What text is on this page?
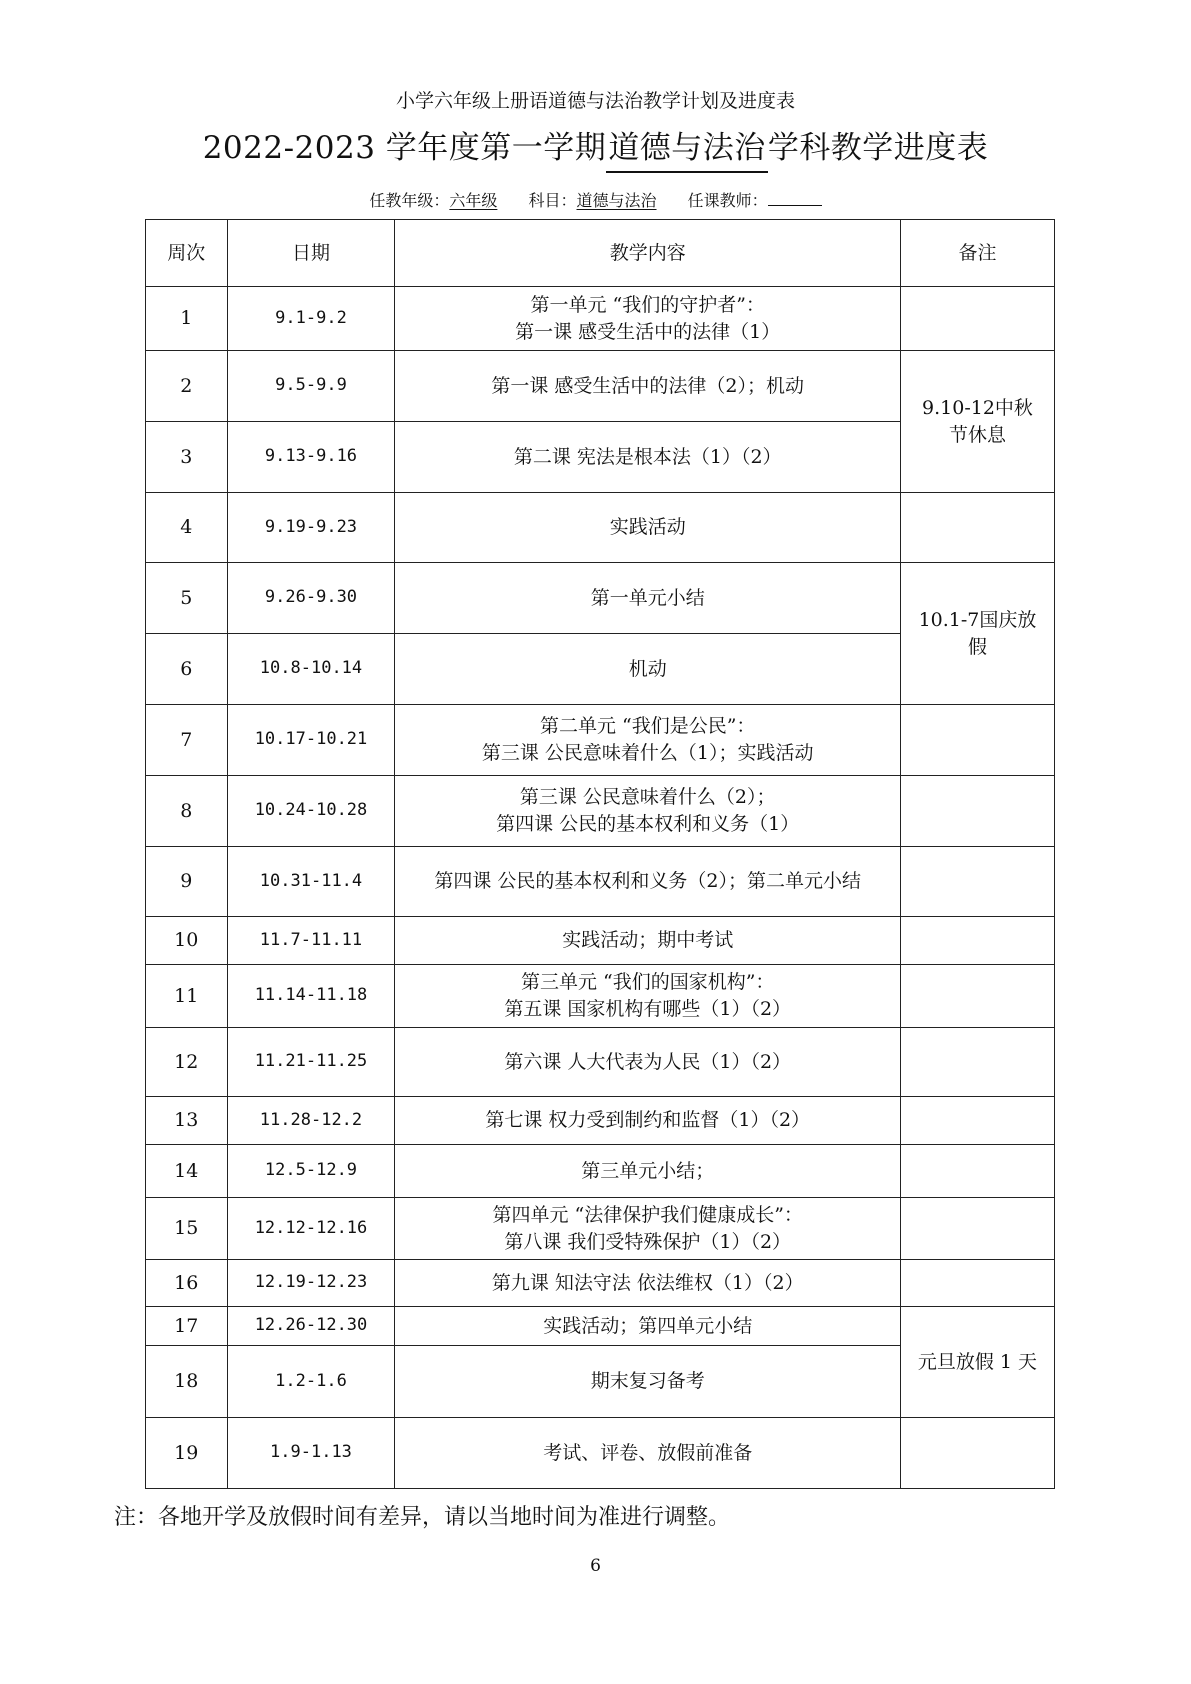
小学六年级上册语道德与法治教学计划及进度表
2022-2023 学年度第一学期道德与法治学科教学进度表
任教年级：六年级 科目：道德与法治 任课教师：
周次	日期	教学内容	备注
1	9.1-9.2	第一单元 “我们的守护者”：
第一课 感受生活中的法律（1）	

2	9.5-9.9	第一课 感受生活中的法律（2）；机动	9.10-12中秋
节休息

3	9.13-9.16	第二课 宪法是根本法（1）（2）	

4	9.19-9.23	实践活动	

5	9.26-9.30	第一单元小结	10.1-7国庆放
假

6	10.8-10.14	机动	

7	10.17-10.21	第二单元 “我们是公民”：
第三课 公民意味着什么（1）；实践活动	

8	10.24-10.28	第三课 公民意味着什么（2）；
第四课 公民的基本权利和义务（1）	

9	10.31-11.4	第四课 公民的基本权利和义务（2）；第二单元小结	

10	11.7-11.11	实践活动；期中考试	

11	11.14-11.18	第三单元 “我们的国家机构”：
第五课 国家机构有哪些（1）（2）	

12	11.21-11.25	第六课 人大代表为人民（1）（2）	

13	11.28-12.2	第七课 权力受到制约和监督（1）（2）	

14	12.5-12.9	第三单元小结；	

15	12.12-12.16	第四单元 “法律保护我们健康成长”：
第八课 我们受特殊保护（1）（2）	

16	12.19-12.23	第九课 知法守法 依法维权（1）（2）	

17	12.26-12.30	实践活动；第四单元小结	元旦放假 1 天
18	1.2-1.6	期末复习备考	

19	1.9-1.13	考试、评卷、放假前准备	

注：各地开学及放假时间有差异，请以当地时间为准进行调整。
6
